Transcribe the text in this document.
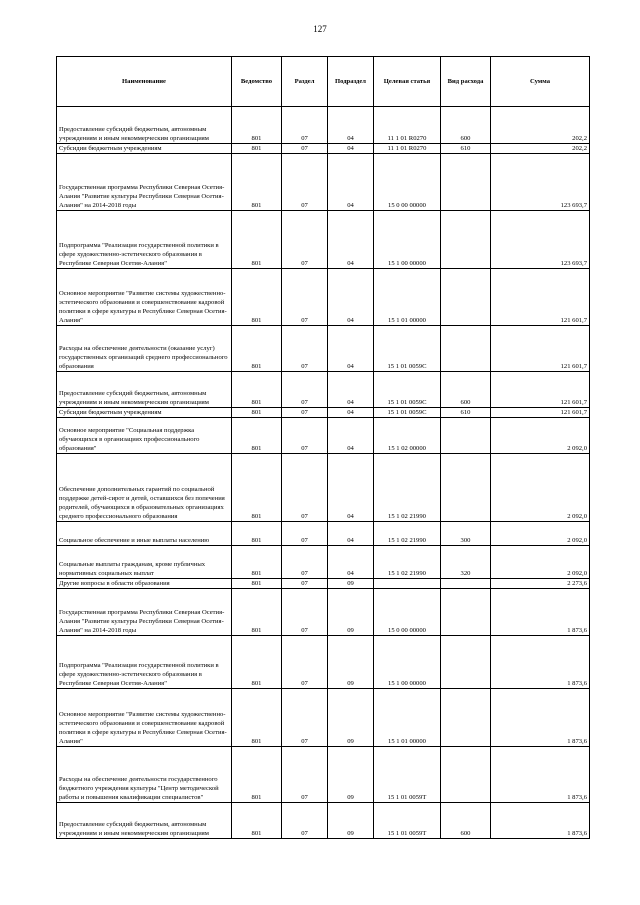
127
Наименование	Ведомство	Раздел	Подраздел	Целевая статья	Вид расхода	Сумма
Предоставление субсидий бюджетным, автономным учреждениям и иным некоммерческим организациям	801	07	04	11 1 01 R0270	600	202,2
Субсидии бюджетным учреждениям	801	07	04	11 1 01 R0270	610	202,2
Государственная программа Республики Северная Осетия-Алания "Развитие культуры Республики Северная Осетия-Алания" на 2014-2018 годы	801	07	04	15 0 00 00000		123 693,7
Подпрограмма "Реализация государственной политики в сфере художественно-эстетического образования в Республике Северная Осетия-Алания"	801	07	04	15 1 00 00000		123 693,7
Основное мероприятие "Развитие системы художественно-эстетического образования и совершенствование кадровой политики в сфере культуры в Республике Северная Осетия-Алания"	801	07	04	15 1 01 00000		121 601,7
Расходы на обеспечение деятельности (оказание услуг) государственных организаций среднего профессионального образования	801	07	04	15 1 01 0059С		121 601,7
Предоставление субсидий бюджетным, автономным учреждениям и иным некоммерческим организациям	801	07	04	15 1 01 0059С	600	121 601,7
Субсидии бюджетным учреждениям	801	07	04	15 1 01 0059С	610	121 601,7
Основное мероприятие "Социальная поддержка обучающихся в организациях профессионального образования"	801	07	04	15 1 02 00000		2 092,0
Обеспечение дополнительных гарантий по социальной поддержке детей-сирот и детей, оставшихся без попечения родителей, обучающихся в образовательных организациях среднего профессионального образования	801	07	04	15 1 02 21990		2 092,0
Социальное обеспечение и иные выплаты населению	801	07	04	15 1 02 21990	300	2 092,0
Социальные выплаты гражданам, кроме публичных нормативных социальных выплат	801	07	04	15 1 02 21990	320	2 092,0
Другие вопросы в области образования	801	07	09			2 273,6
Государственная программа Республики Северная Осетия-Алания "Развитие культуры Республики Северная Осетия-Алания" на 2014-2018 годы	801	07	09	15 0 00 00000		1 873,6
Подпрограмма "Реализация государственной политики в сфере художественно-эстетического образования в Республике Северная Осетия-Алания"	801	07	09	15 1 00 00000		1 873,6
Основное мероприятие "Развитие системы художественно-эстетического образования и совершенствование кадровой политики в сфере культуры в Республике Северная Осетия-Алания"	801	07	09	15 1 01 00000		1 873,6
Расходы на обеспечение деятельности государственного бюджетного учреждения культуры "Центр методической работы и повышения квалификации специалистов"	801	07	09	15 1 01 0059Т		1 873,6
Предоставление субсидий бюджетным, автономным учреждениям и иным некоммерческим организациям	801	07	09	15 1 01 0059Т	600	1 873,6
